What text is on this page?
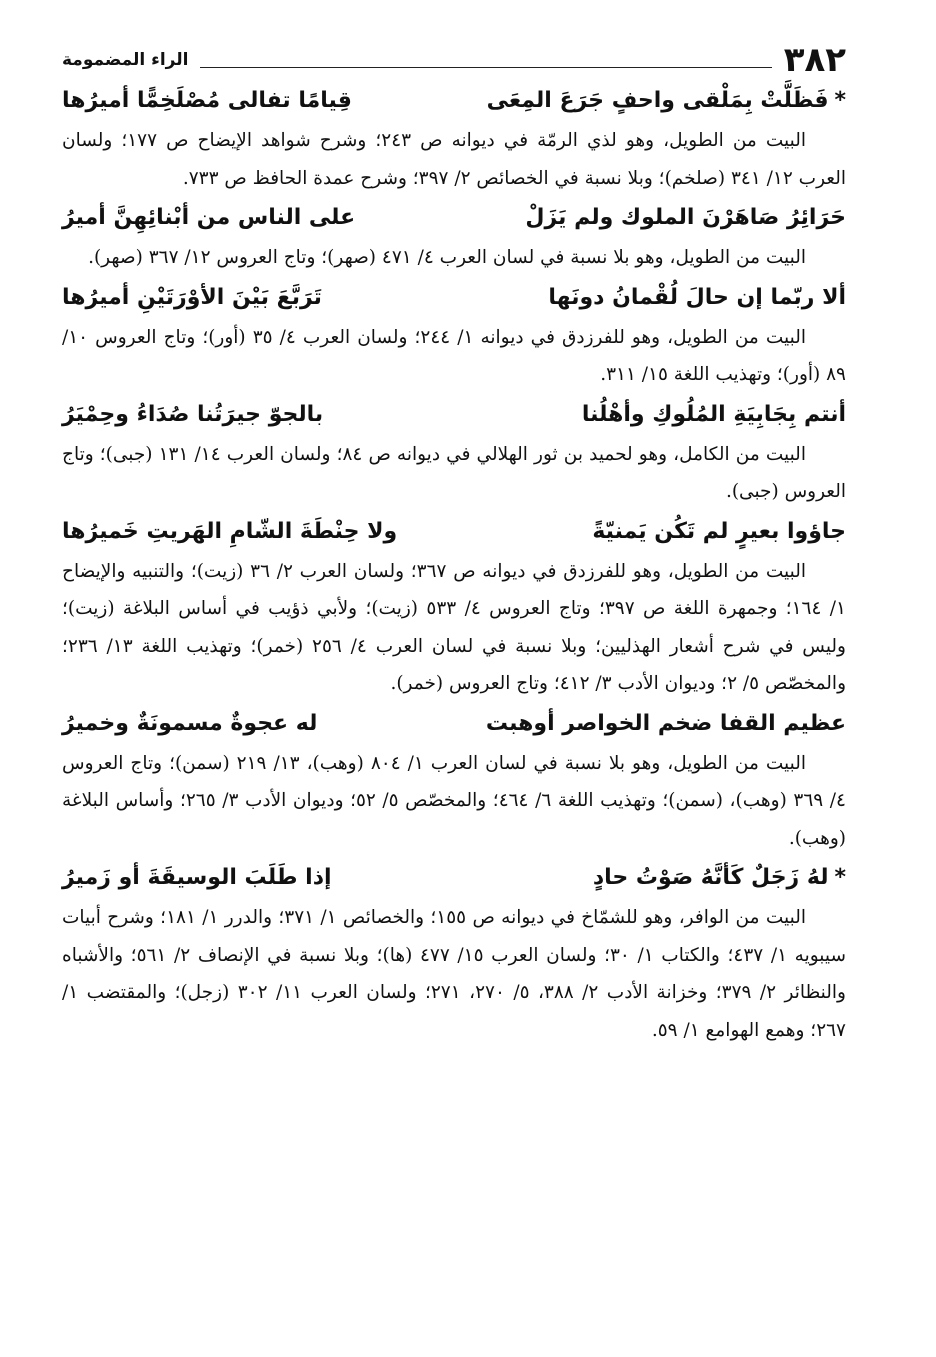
٣٨٢
الراء المضمومة
*فَظَلَّتْ بِمَلْقى واحفٍ جَرَعَ المِعَى
قِيامًا تفالى مُصْلَخِمًّا أميرُها

البيت من الطويل، وهو لذي الرمّة في ديوانه ص ٢٤٣؛ وشرح شواهد الإيضاح ص ١٧٧؛ ولسان العرب ١٢/ ٣٤١ (صلخم)؛ وبلا نسبة في الخصائص ٢/ ٣٩٧؛ وشرح عمدة الحافظ ص ٧٣٣.

حَرَائِرُ صَاهَرْنَ الملوك ولم يَزَلْ
على الناس من أبْنائِهِنَّ أميرُ

البيت من الطويل، وهو بلا نسبة في لسان العرب ٤/ ٤٧١ (صهر)؛ وتاج العروس ١٢/ ٣٦٧ (صهر).

ألا ربّما إن حالَ لُقْمانُ دونَها
تَرَبَّعَ بَيْنَ الأوْرَتَيْنِ أميرُها

البيت من الطويل، وهو للفرزدق في ديوانه ١/ ٢٤٤؛ ولسان العرب ٤/ ٣٥ (أور)؛ وتاج العروس ١٠/ ٨٩ (أور)؛ وتهذيب اللغة ١٥/ ٣١١.

أنتم بِجَابِيَةِ المُلُوكِ وأهْلُنا
بالجوّ جيرَتُنا صُدَاءُ وحِمْيَرُ

البيت من الكامل، وهو لحميد بن ثور الهلالي في ديوانه ص ٨٤؛ ولسان العرب ١٤/ ١٣١ (جبى)؛ وتاج العروس (جبى).

جاؤوا بعيرٍ لم تَكُن يَمنيّةً
ولا حِنْطَةَ الشّامِ الهَريتِ خَميرُها

البيت من الطويل، وهو للفرزدق في ديوانه ص ٣٦٧؛ ولسان العرب ٢/ ٣٦ (زيت)؛ والتنبيه والإيضاح ١/ ١٦٤؛ وجمهرة اللغة ص ٣٩٧؛ وتاج العروس ٤/ ٥٣٣ (زيت)؛ ولأبي ذؤيب في أساس البلاغة (زيت)؛ وليس في شرح أشعار الهذليين؛ وبلا نسبة في لسان العرب ٤/ ٢٥٦ (خمر)؛ وتهذيب اللغة ١٣/ ٢٣٦؛ والمخصّص ٥/ ٢؛ وديوان الأدب ٣/ ٤١٢؛ وتاج العروس (خمر).

عظيم القفا ضخم الخواصر أوهبت
له عجوةٌ مسمونَةٌ وخميرُ

البيت من الطويل، وهو بلا نسبة في لسان العرب ١/ ٨٠٤ (وهب)، ١٣/ ٢١٩ (سمن)؛ وتاج العروس ٤/ ٣٦٩ (وهب)، (سمن)؛ وتهذيب اللغة ٦/ ٤٦٤؛ والمخصّص ٥/ ٥٢؛ وديوان الأدب ٣/ ٢٦٥؛ وأساس البلاغة (وهب).

*لهُ زَجَلٌ كَأنَّهُ صَوْتُ حادٍ
إذا طَلَبَ الوسيقَةَ أو زَميرُ

البيت من الوافر، وهو للشمّاخ في ديوانه ص ١٥٥؛ والخصائص ١/ ٣٧١؛ والدرر ١/ ١٨١؛ وشرح أبيات سيبويه ١/ ٤٣٧؛ والكتاب ١/ ٣٠؛ ولسان العرب ١٥/ ٤٧٧ (ها)؛ وبلا نسبة في الإنصاف ٢/ ٥٦١؛ والأشباه والنظائر ٢/ ٣٧٩؛ وخزانة الأدب ٢/ ٣٨٨، ٥/ ٢٧٠، ٢٧١؛ ولسان العرب ١١/ ٣٠٢ (زجل)؛ والمقتضب ١/ ٢٦٧؛ وهمع الهوامع ١/ ٥٩.
